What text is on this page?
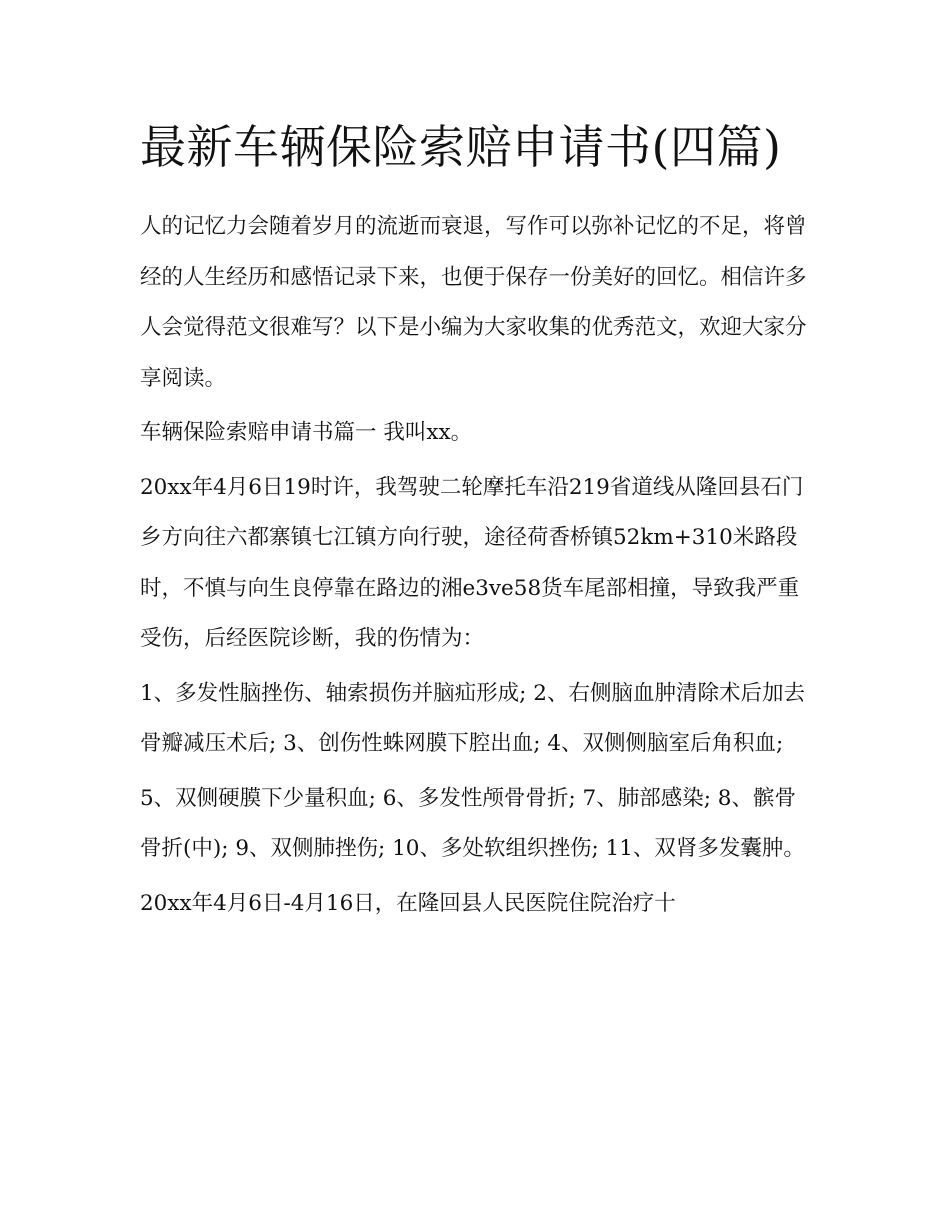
最新车辆保险索赔申请书(四篇)

人的记忆力会随着岁月的流逝而衰退，写作可以弥补记忆的不足，将曾经的人生经历和感悟记录下来，也便于保存一份美好的回忆。相信许多人会觉得范文很难写？以下是小编为大家收集的优秀范文，欢迎大家分享阅读。

车辆保险索赔申请书篇一 我叫xx。

20xx年4月6日19时许，我驾驶二轮摩托车沿219省道线从隆回县石门乡方向往六都寨镇七江镇方向行驶，途径荷香桥镇52km+310米路段时，不慎与向生良停靠在路边的湘e3ve58货车尾部相撞，导致我严重受伤，后经医院诊断，我的伤情为：

1、多发性脑挫伤、轴索损伤并脑疝形成; 2、右侧脑血肿清除术后加去骨瓣减压术后; 3、创伤性蛛网膜下腔出血; 4、双侧侧脑室后角积血;

5、双侧硬膜下少量积血; 6、多发性颅骨骨折; 7、肺部感染; 8、髌骨骨折(中); 9、双侧肺挫伤; 10、多处软组织挫伤; 11、双肾多发囊肿。

20xx年4月6日-4月16日，在隆回县人民医院住院治疗十
